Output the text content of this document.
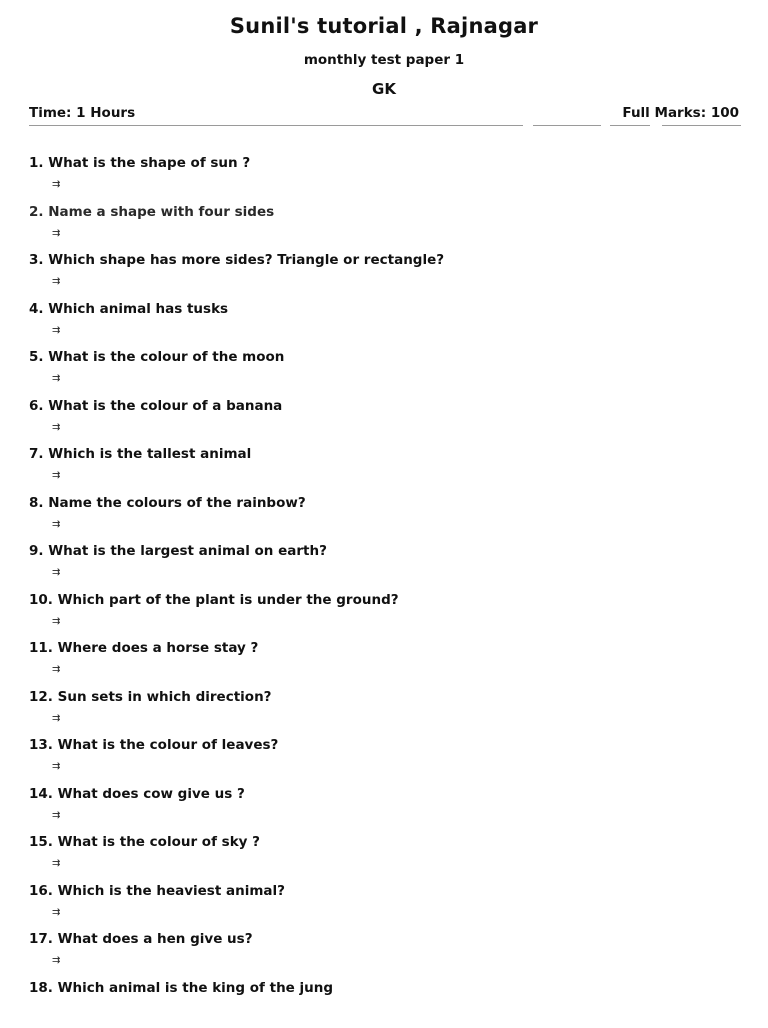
Sunil's tutorial , Rajnagar
monthly test paper 1
GK
Time: 1 Hours	Full Marks: 100
1. What is the shape of sun ?
⇉
2. Name a shape with four sides
⇉
3. Which shape has more sides? Triangle or rectangle?
⇉
4. Which animal has tusks
⇉
5. What is the colour of the moon
⇉
6. What is the colour of a banana
⇉
7. Which is the tallest animal
⇉
8. Name the colours of the rainbow?
⇉
9. What is the largest animal on earth?
⇉
10. Which part of the plant is under the ground?
⇉
11. Where does a horse stay ?
⇉
12. Sun sets in which direction?
⇉
13. What is the colour of leaves?
⇉
14. What does cow give us ?
⇉
15. What is the colour of sky ?
⇉
16. Which is the heaviest animal?
⇉
17. What does a hen give us?
⇉
18. Which animal is the king of the jung
